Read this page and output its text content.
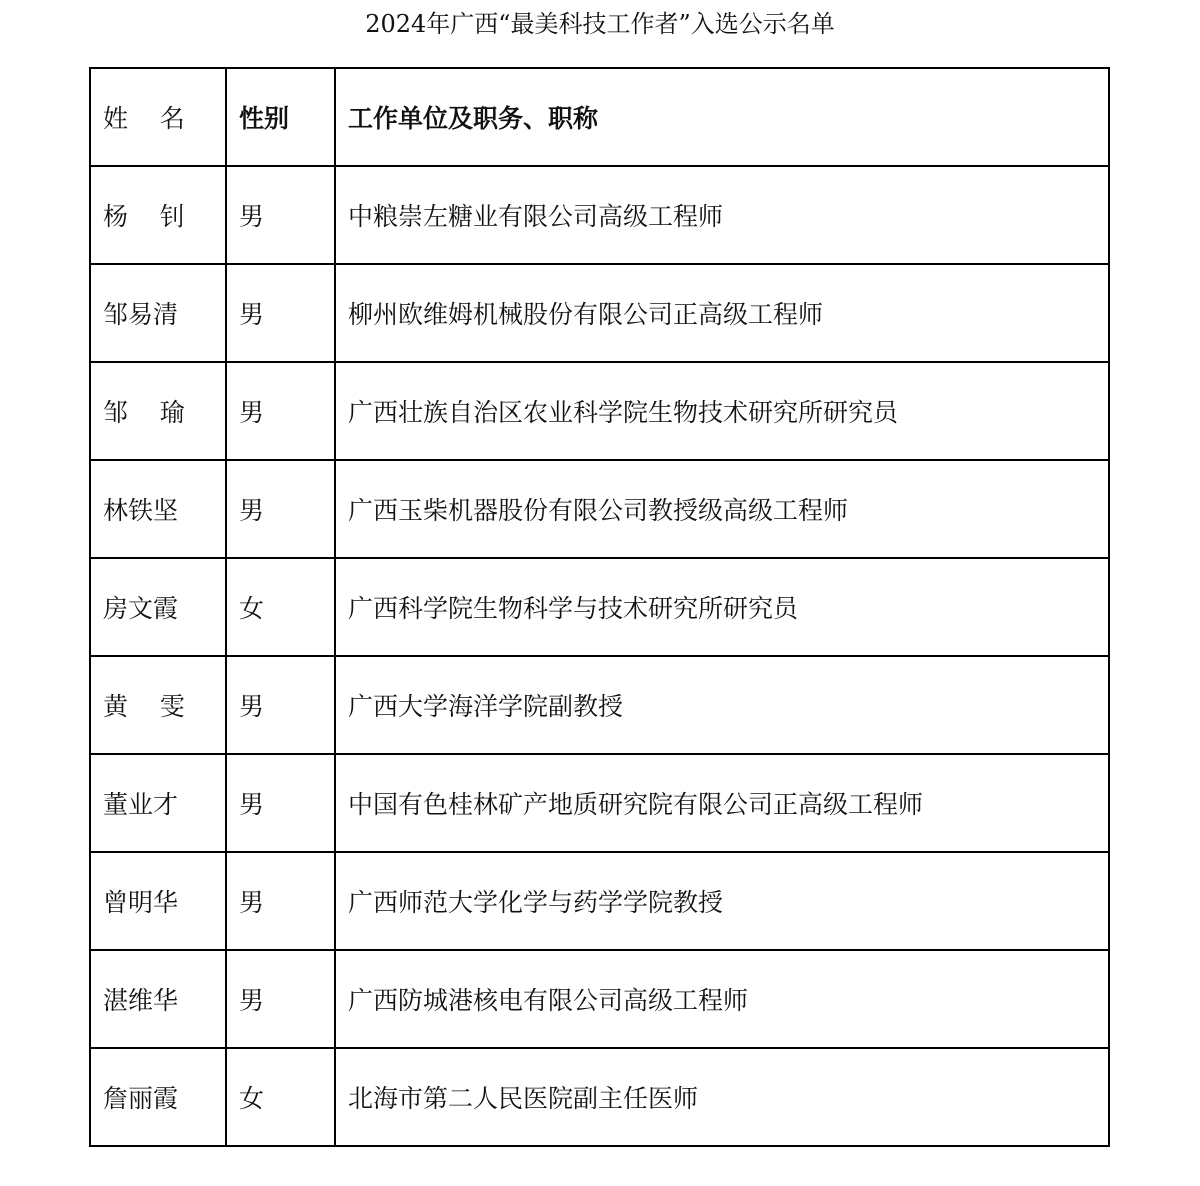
2024年广西“最美科技工作者”入选公示名单
姓    名	性别	工作单位及职务、职称
杨    钊	男	中粮崇左糖业有限公司高级工程师
邹易清	男	柳州欧维姆机械股份有限公司正高级工程师
邹    瑜	男	广西壮族自治区农业科学院生物技术研究所研究员
林铁坚	男	广西玉柴机器股份有限公司教授级高级工程师
房文霞	女	广西科学院生物科学与技术研究所研究员
黄    雯	男	广西大学海洋学院副教授
董业才	男	中国有色桂林矿产地质研究院有限公司正高级工程师
曾明华	男	广西师范大学化学与药学学院教授
湛维华	男	广西防城港核电有限公司高级工程师
詹丽霞	女	北海市第二人民医院副主任医师
